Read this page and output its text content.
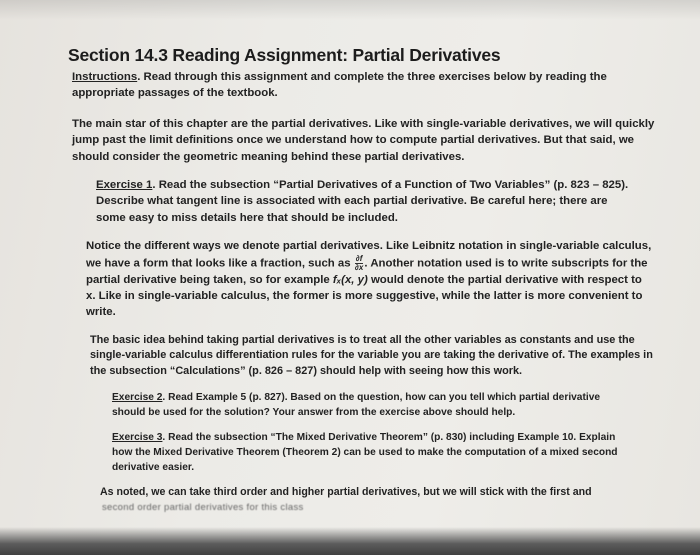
Section 14.3 Reading Assignment: Partial Derivatives

Instructions. Read through this assignment and complete the three exercises below by reading the appropriate passages of the textbook.

The main star of this chapter are the partial derivatives. Like with single-variable derivatives, we will quickly jump past the limit definitions once we understand how to compute partial derivatives. But that said, we should consider the geometric meaning behind these partial derivatives.

Exercise 1. Read the subsection “Partial Derivatives of a Function of Two Variables” (p. 823 – 825). Describe what tangent line is associated with each partial derivative. Be careful here; there are some easy to miss details here that should be included.

Notice the different ways we denote partial derivatives. Like Leibnitz notation in single-variable calculus, we have a form that looks like a fraction, such as $\frac{\partial f}{\partial x}$ . Another notation used is to write subscripts for the partial derivative being taken, so for example fₓ(x, y) would denote the partial derivative with respect to x. Like in single-variable calculus, the former is more suggestive, while the latter is more convenient to write.

The basic idea behind taking partial derivatives is to treat all the other variables as constants and use the single-variable calculus differentiation rules for the variable you are taking the derivative of. The examples in the subsection “Calculations” (p. 826 – 827) should help with seeing how this work.

Exercise 2. Read Example 5 (p. 827). Based on the question, how can you tell which partial derivative should be used for the solution? Your answer from the exercise above should help.

Exercise 3. Read the subsection “The Mixed Derivative Theorem” (p. 830) including Example 10. Explain how the Mixed Derivative Theorem (Theorem 2) can be used to make the computation of a mixed second derivative easier.

As noted, we can take third order and higher partial derivatives, but we will stick with the first and

second order partial derivatives for this class
